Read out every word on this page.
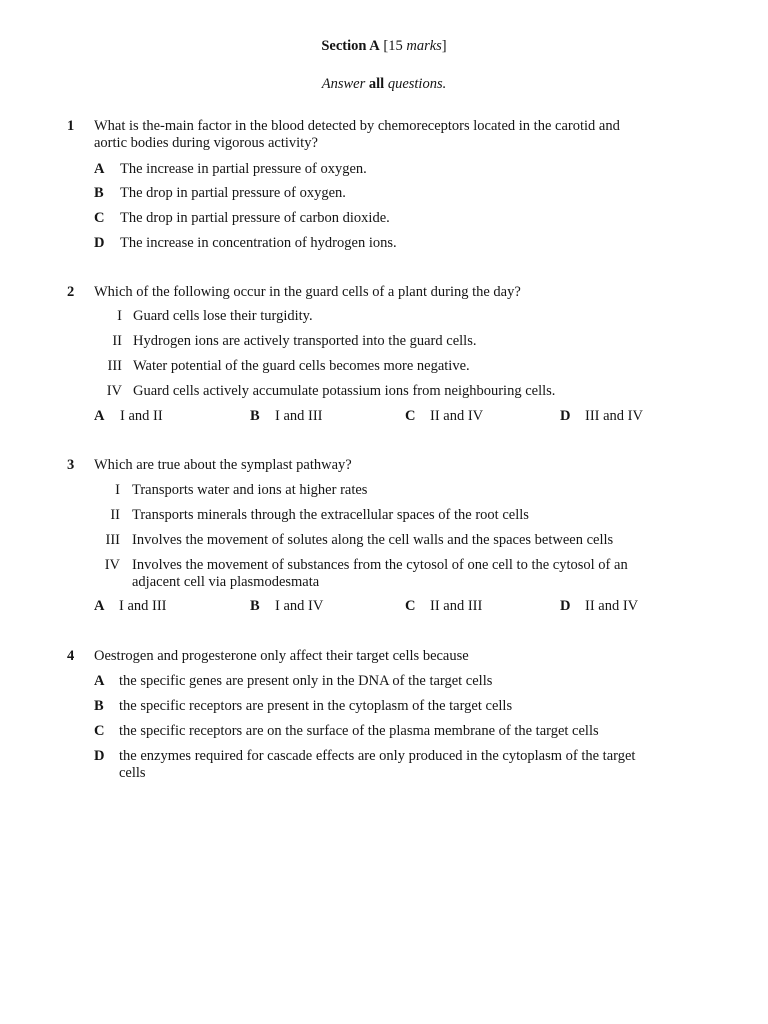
Section A [15 marks]
Answer all questions.
1 What is the-main factor in the blood detected by chemoreceptors located in the carotid and
aortic bodies during vigorous activity?
A The increase in partial pressure of oxygen.
B The drop in partial pressure of oxygen.
C The drop in partial pressure of carbon dioxide.
D The increase in concentration of hydrogen ions.
2 Which of the following occur in the guard cells of a plant during the day?
I Guard cells lose their turgidity.
II Hydrogen ions are actively transported into the guard cells.
III Water potential of the guard cells becomes more negative.
IV Guard cells actively accumulate potassium ions from neighbouring cells.
A I and II	B I and III	C II and IV	D III and IV
3 Which are true about the symplast pathway?
I Transports water and ions at higher rates
II Transports minerals through the extracellular spaces of the root cells
III Involves the movement of solutes along the cell walls and the spaces between cells
IV Involves the movement of substances from the cytosol of one cell to the cytosol of an
adjacent cell via plasmodesmata
A I and III	B I and IV	C II and III	D II and IV
4 Oestrogen and progesterone only affect their target cells because
A the specific genes are present only in the DNA of the target cells
B the specific receptors are present in the cytoplasm of the target cells
C the specific receptors are on the surface of the plasma membrane of the target cells
D the enzymes required for cascade effects are only produced in the cytoplasm of the target
cells
